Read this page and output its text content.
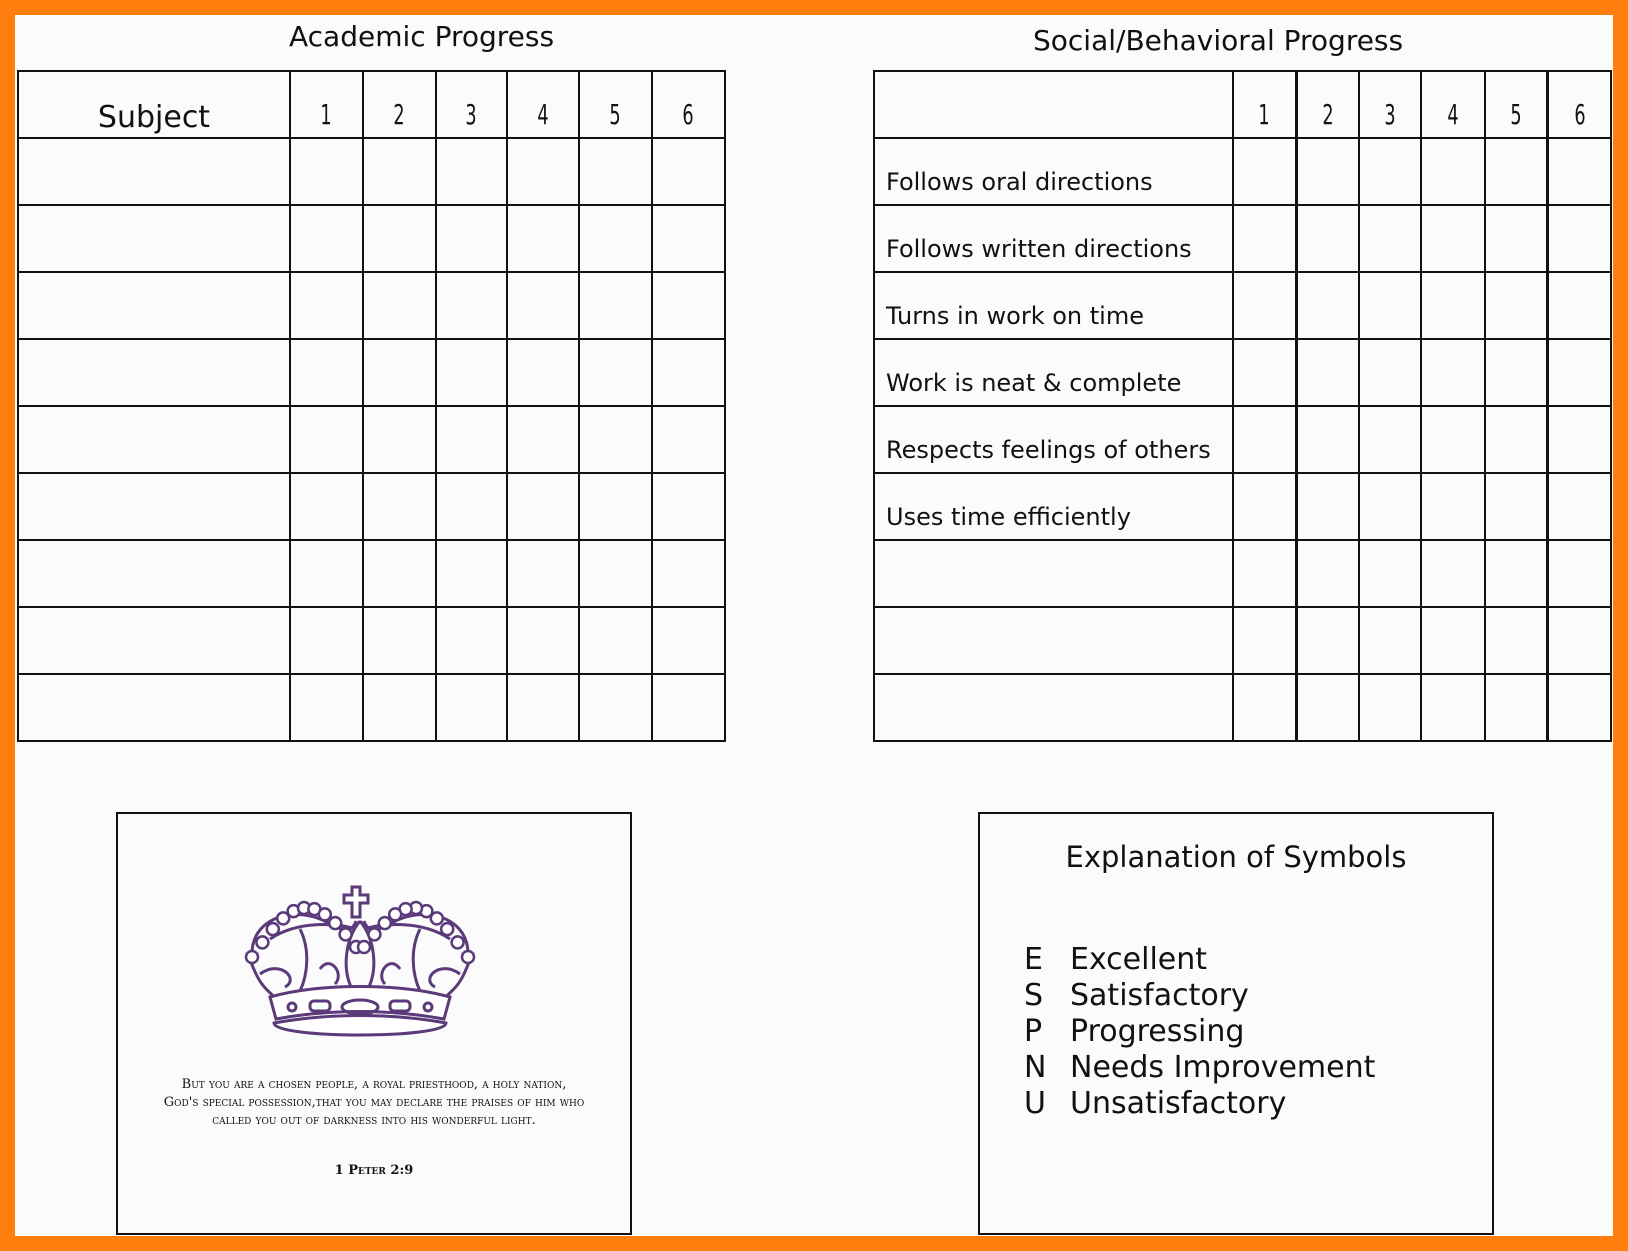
Academic Progress
Subject	1	2	3	4	5	6

Social/Behavioral Progress
	1	2	3	4	5	6
Follows oral directions						
Follows written directions						
Turns in work on time						
Work is neat & complete						
Respects feelings of others						
Uses time efficiently						

But you are a chosen people, a royal priesthood, a holy nation,
God's special possession,that you may declare the praises of him who
called you out of darkness into his wonderful light.
1 Peter 2:9
Explanation of Symbols
E Excellent
S Satisfactory
P Progressing
N Needs Improvement
U Unsatisfactory
